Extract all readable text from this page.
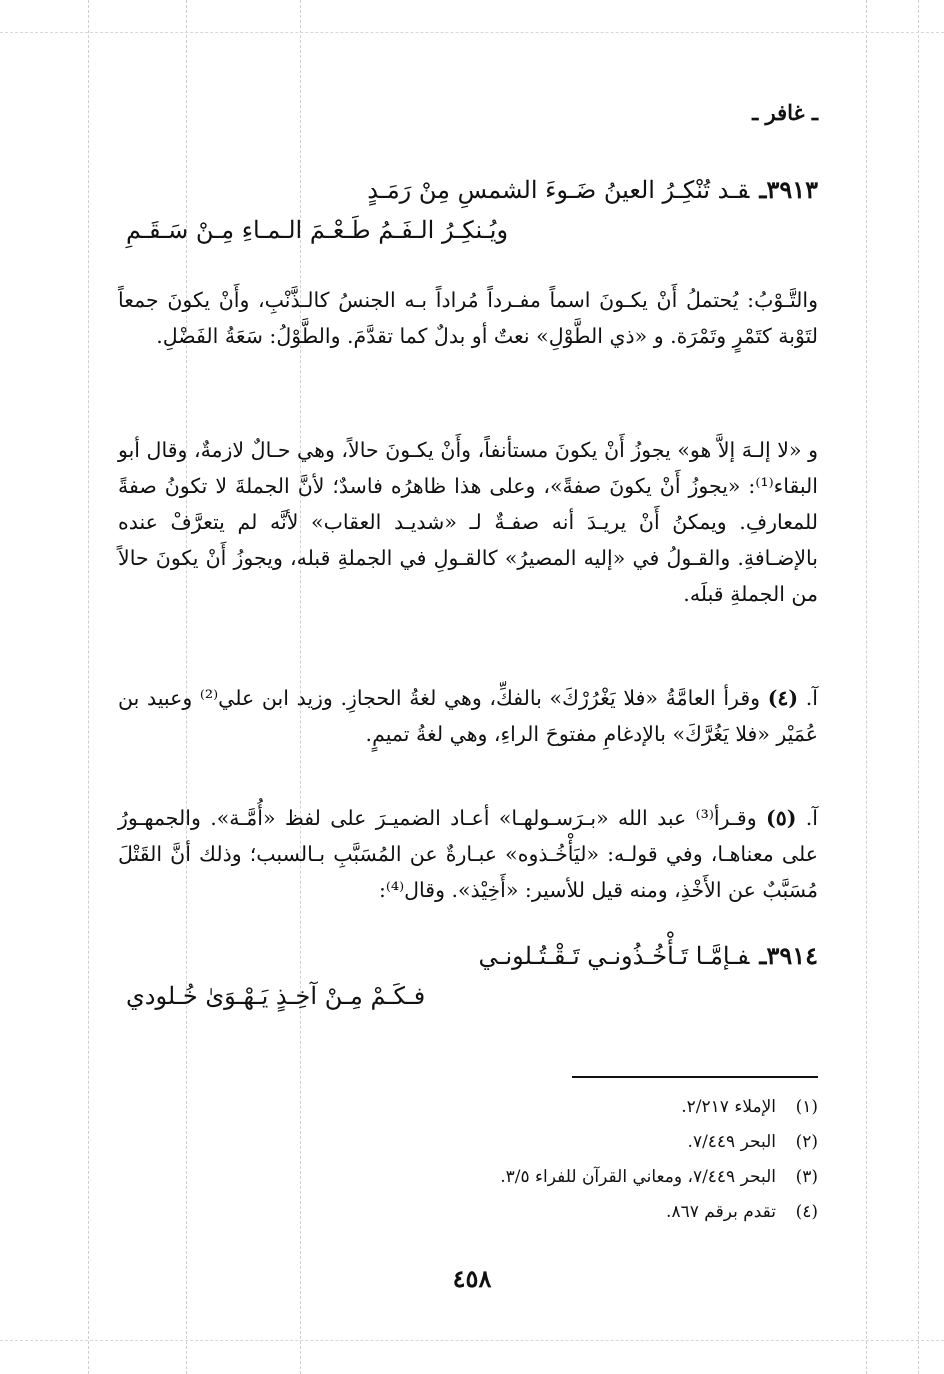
ـ غافر ـ
٣٩١٣ـقـد تُنْكِـرُ العينُ ضَـوءَ الشمسِ مِنْ رَمَـدٍ
ويُـنكِـرُ الـفَـمُ طَـعْـمَ الـمـاءِ مِـنْ سَـقَـمِ
والتَّـوْبُ: يُحتملُ أَنْ يكـونَ اسماً مفـرداً مُراداً بـه الجنسُ كالـذَّنْبِ، وأَنْ يكونَ جمعاً لتَوْبة كتَمْرٍ وتَمْرَة. و «ذي الطَّوْلِ» نعتٌ أو بدلٌ كما تقدَّمَ. والطَّوْلُ: سَعَةُ الفَضْلِ.
و «لا إلـهَ إلاَّ هو» يجوزُ أَنْ يكونَ مستأنفاً، وأَنْ يكـونَ حالاً، وهي حـالٌ لازمةٌ، وقال أبو البقاء⁽¹⁾: «يجوزُ أَنْ يكونَ صفةً»، وعلى هذا ظاهرُه فاسدٌ؛ لأنَّ الجملةَ لا تكونُ صفةً للمعارفِ. ويمكنُ أَنْ يريـدَ أنه صفـةٌ لـ «شديـد العقاب» لأنَّه لم يتعرَّفْ عنده بالإضـافةِ. والقـولُ في «إليه المصيرُ» كالقـولِ في الجملةِ قبله، ويجوزُ أَنْ يكونَ حالاً من الجملةِ قبلَه.
آ. (٤) وقرأ العامَّةُ «فلا يَغْرُرْكَ» بالفكِّ، وهي لغةُ الحجازِ. وزيد ابن علي⁽²⁾ وعبيد بن عُمَيْر «فلا يَغُرَّكَ» بالإدغامِ مفتوحَ الراءِ، وهي لغةُ تميمٍ.
آ. (٥) وقـرأ⁽³⁾ عبد الله «بـرَسـولهـا» أعـاد الضميـرَ على لفظ «أُمَّـة». والجمهـورُ على معناهـا، وفي قولـه: «ليَأْخُـذوه» عبـارةٌ عن المُسَبَّبِ بـالسبب؛ وذلك أنَّ القَتْلَ مُسَبَّبٌ عن الأَخْذِ، ومنه قيل للأسير: «أَخِيْذ». وقال⁽⁴⁾:
٣٩١٤ـفـإمَّـا تَـأْخُـذُونـي تَـقْـتُـلونـي
فـكَـمْ مِـنْ آخِـذٍ يَـهْـوَىٰ خُـلودي
(١)الإملاء ٢/٢١٧.
(٢)البحر ٧/٤٤٩.
(٣)البحر ٧/٤٤٩، ومعاني القرآن للفراء ٣/٥.
(٤)تقدم برقم ٨٦٧.
٤٥٨
